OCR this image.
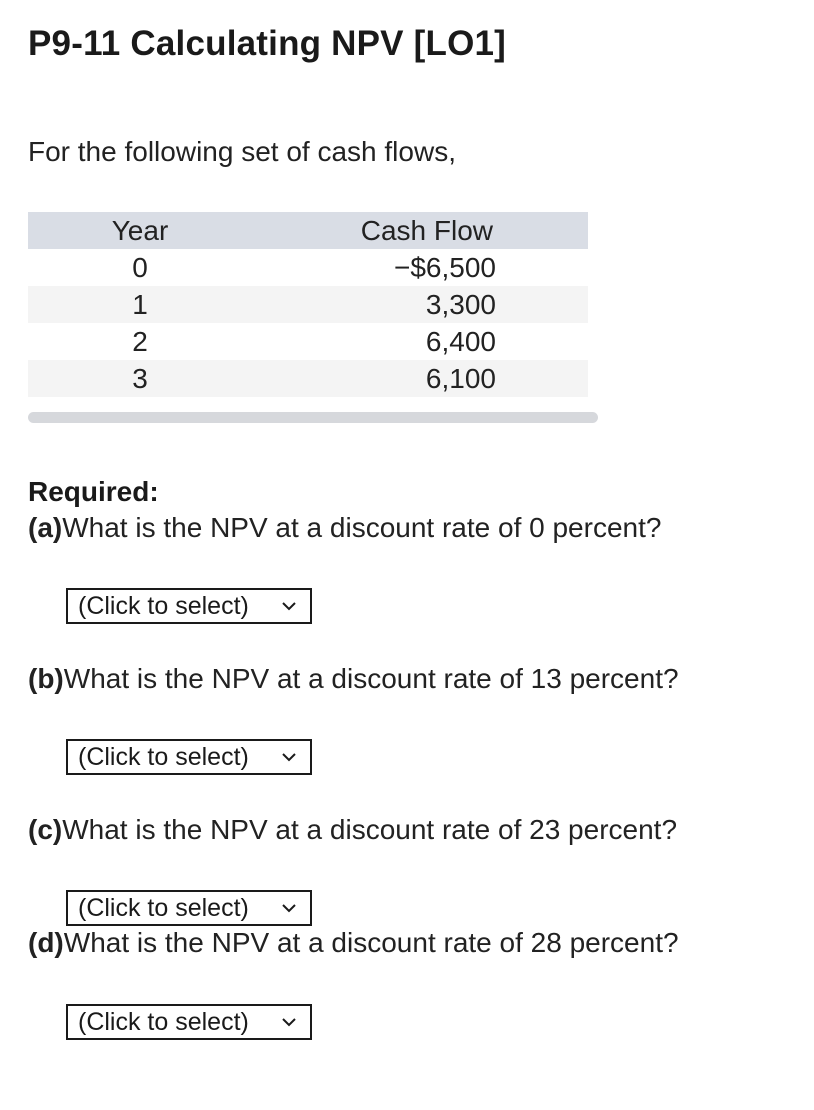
P9-11 Calculating NPV [LO1]
For the following set of cash flows,
Year	Cash Flow
0	−$6,500
1	3,300
2	6,400
3	6,100
Required:
(a)What is the NPV at a discount rate of 0 percent?
(Click to select)
(b)What is the NPV at a discount rate of 13 percent?
(Click to select)
(c)What is the NPV at a discount rate of 23 percent?
(Click to select)
(d)What is the NPV at a discount rate of 28 percent?
(Click to select)
